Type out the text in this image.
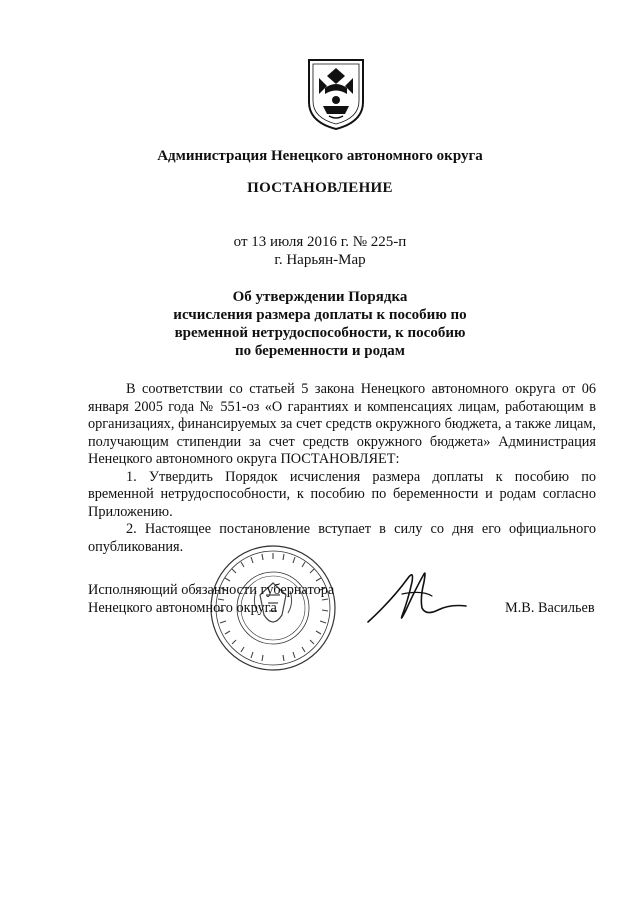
Администрация Ненецкого автономного округа
ПОСТАНОВЛЕНИЕ
от 13 июля 2016 г. № 225-п
г. Нарьян-Мар
Об утверждении Порядка
исчисления размера доплаты к пособию по
временной нетрудоспособности, к пособию
по беременности и родам

В соответствии со статьей 5 закона Ненецкого автономного округа от 06 января 2005 года № 551-оз «О гарантиях и компенсациях лицам, работающим в организациях, финансируемых за счет средств окружного бюджета, а также лицам, получающим стипендии за счет средств окружного бюджета» Администрация Ненецкого автономного округа ПОСТАНОВЛЯЕТ:

1. Утвердить Порядок исчисления размера доплаты к пособию по временной нетрудоспособности, к пособию по беременности и родам согласно Приложению.

2. Настоящее постановление вступает в силу со дня его официального опубликования.

Исполняющий обязанности губернатора
Ненецкого автономного округа	М.В. Васильев
